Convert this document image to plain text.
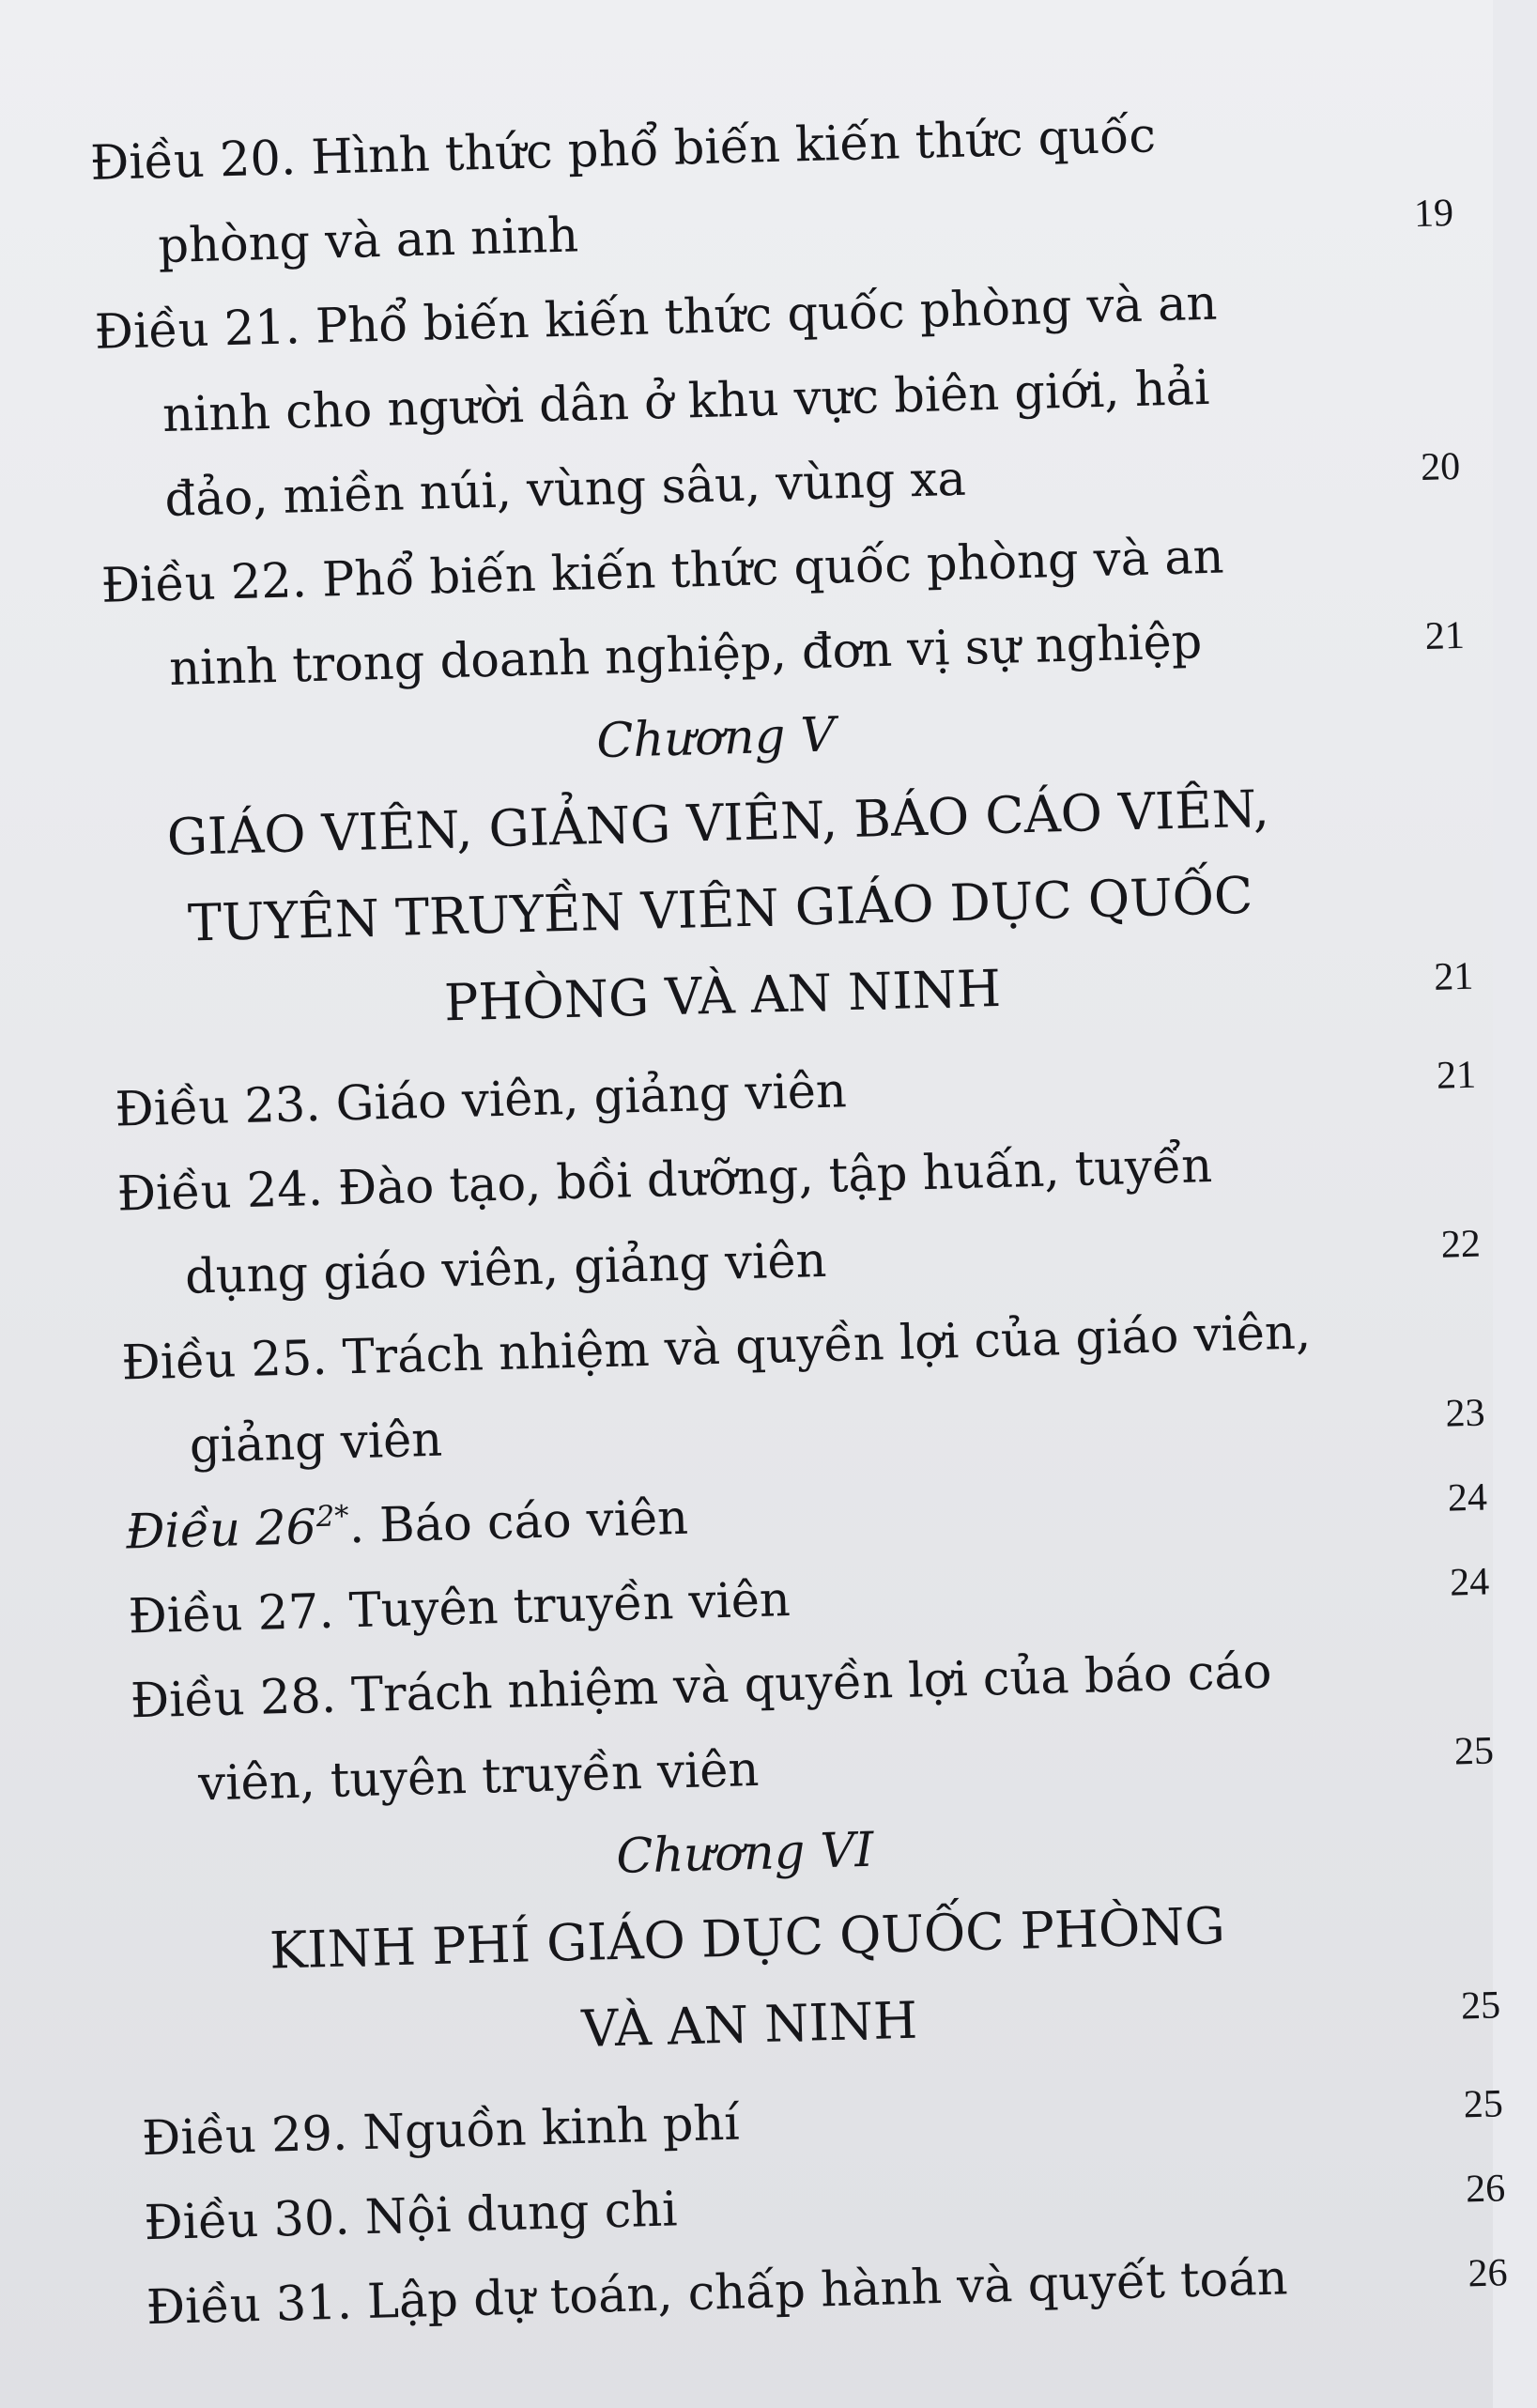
Điều 20. Hình thức phổ biến kiến thức quốc phòng và an ninh	19
Điều 21. Phổ biến kiến thức quốc phòng và an ninh cho người dân ở khu vực biên giới, hải đảo, miền núi, vùng sâu, vùng xa	20
Điều 22. Phổ biến kiến thức quốc phòng và an ninh trong doanh nghiệp, đơn vị sự nghiệp	21
Chương V
GIÁO VIÊN, GIẢNG VIÊN, BÁO CÁO VIÊN, TUYÊN TRUYỀN VIÊN GIÁO DỤC QUỐC PHÒNG VÀ AN NINH	21
Điều 23. Giáo viên, giảng viên	21
Điều 24. Đào tạo, bồi dưỡng, tập huấn, tuyển dụng giáo viên, giảng viên	22
Điều 25. Trách nhiệm và quyền lợi của giáo viên, giảng viên	23
Điều $26^{2*}$. Báo cáo viên	24
Điều 27. Tuyên truyền viên	24
Điều 28. Trách nhiệm và quyền lợi của báo cáo viên, tuyên truyền viên	25
Chương VI
KINH PHÍ GIÁO DỤC QUỐC PHÒNG
VÀ AN NINH	25
Điều 29. Nguồn kinh phí	25
Điều 30. Nội dung chi	26
Điều 31. Lập dự toán, chấp hành và quyết toán	26
